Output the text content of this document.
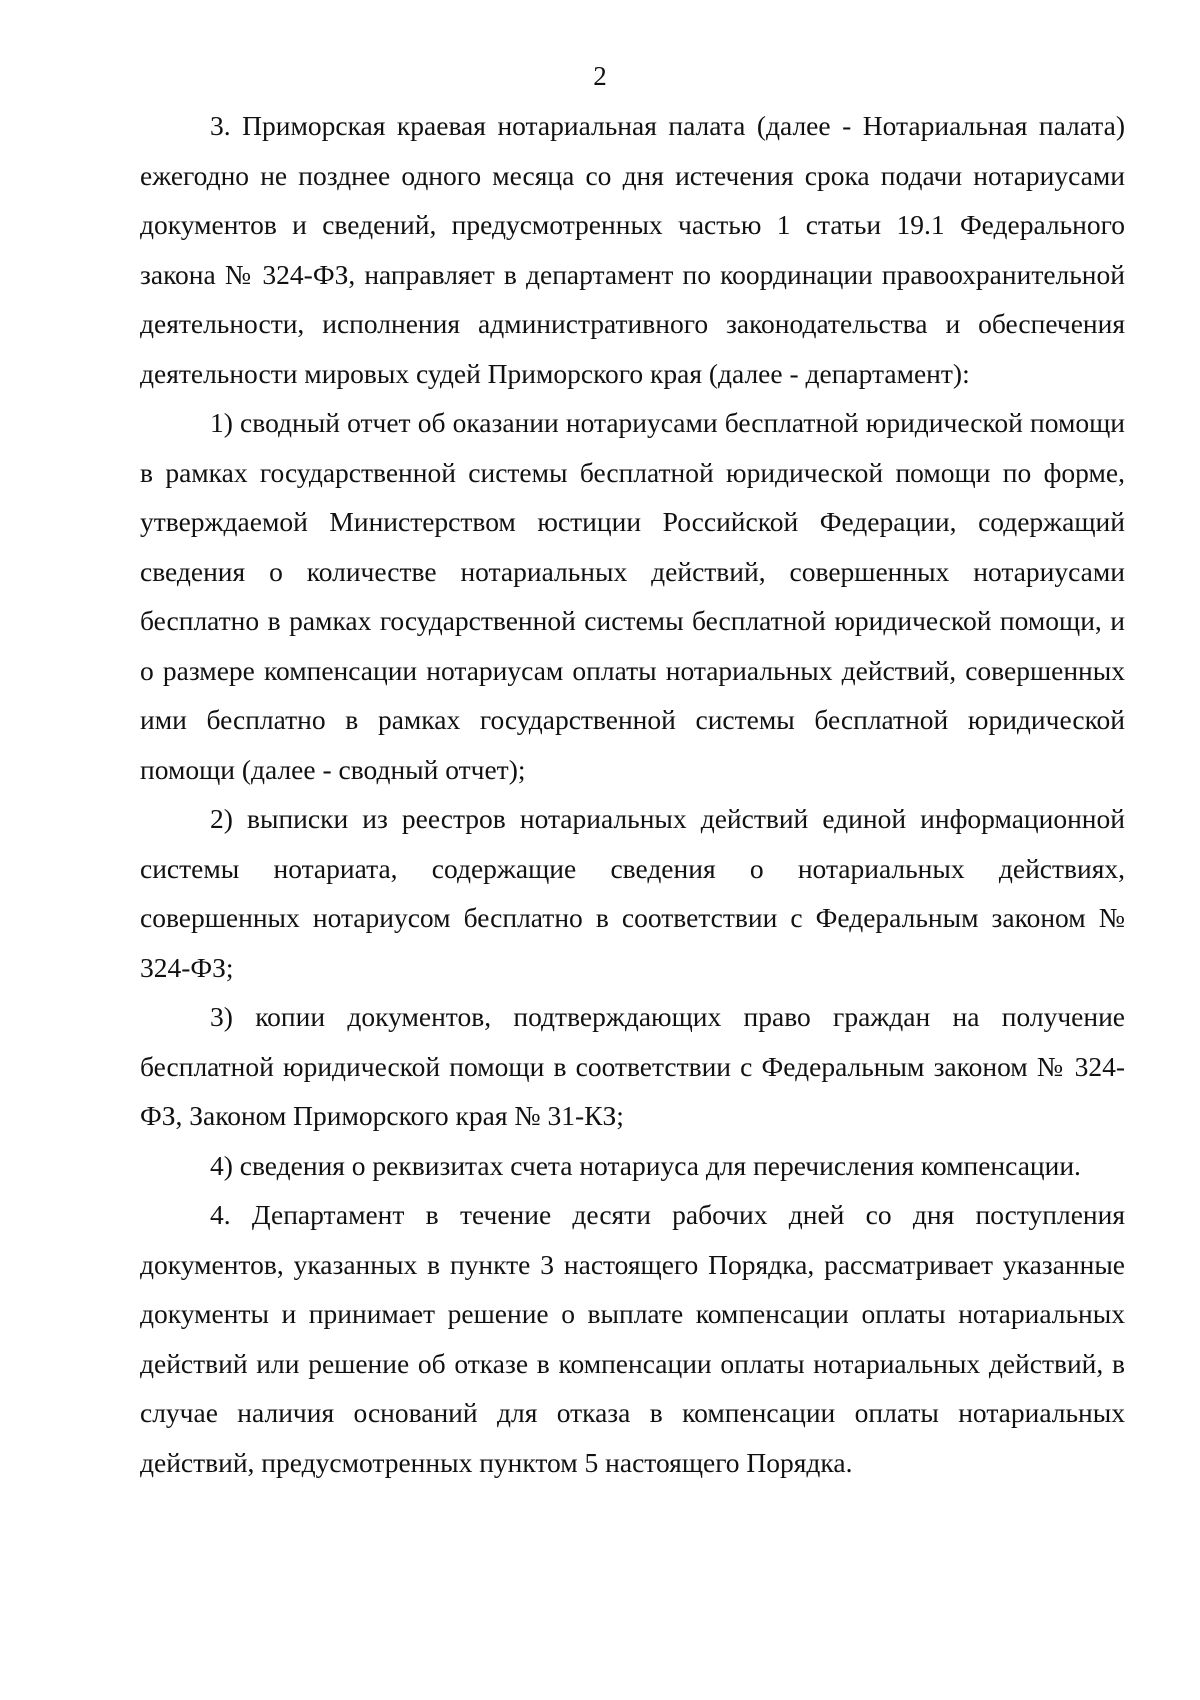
2

3. Приморская краевая нотариальная палата (далее - Нотариальная палата) ежегодно не позднее одного месяца со дня истечения срока подачи нотариусами документов и сведений, предусмотренных частью 1 статьи 19.1 Федерального закона № 324-ФЗ, направляет в департамент по координации правоохранительной деятельности, исполнения административного законодательства и обеспечения деятельности мировых судей Приморского края (далее - департамент):

1) сводный отчет об оказании нотариусами бесплатной юридической помощи в рамках государственной системы бесплатной юридической помощи по форме, утверждаемой Министерством юстиции Российской Федерации, содержащий сведения о количестве нотариальных действий, совершенных нотариусами бесплатно в рамках государственной системы бесплатной юридической помощи, и о размере компенсации нотариусам оплаты нотариальных действий, совершенных ими бесплатно в рамках государственной системы бесплатной юридической помощи (далее - сводный отчет);

2) выписки из реестров нотариальных действий единой информационной системы нотариата, содержащие сведения о нотариальных действиях, совершенных нотариусом бесплатно в соответствии с Федеральным законом № 324-ФЗ;

3) копии документов, подтверждающих право граждан на получение бесплатной юридической помощи в соответствии с Федеральным законом № 324-ФЗ, Законом Приморского края № 31-КЗ;

4) сведения о реквизитах счета нотариуса для перечисления компенсации.

4. Департамент в течение десяти рабочих дней со дня поступления документов, указанных в пункте 3 настоящего Порядка, рассматривает указанные документы и принимает решение о выплате компенсации оплаты нотариальных действий или решение об отказе в компенсации оплаты нотариальных действий, в случае наличия оснований для отказа в компенсации оплаты нотариальных действий, предусмотренных пунктом 5 настоящего Порядка.
